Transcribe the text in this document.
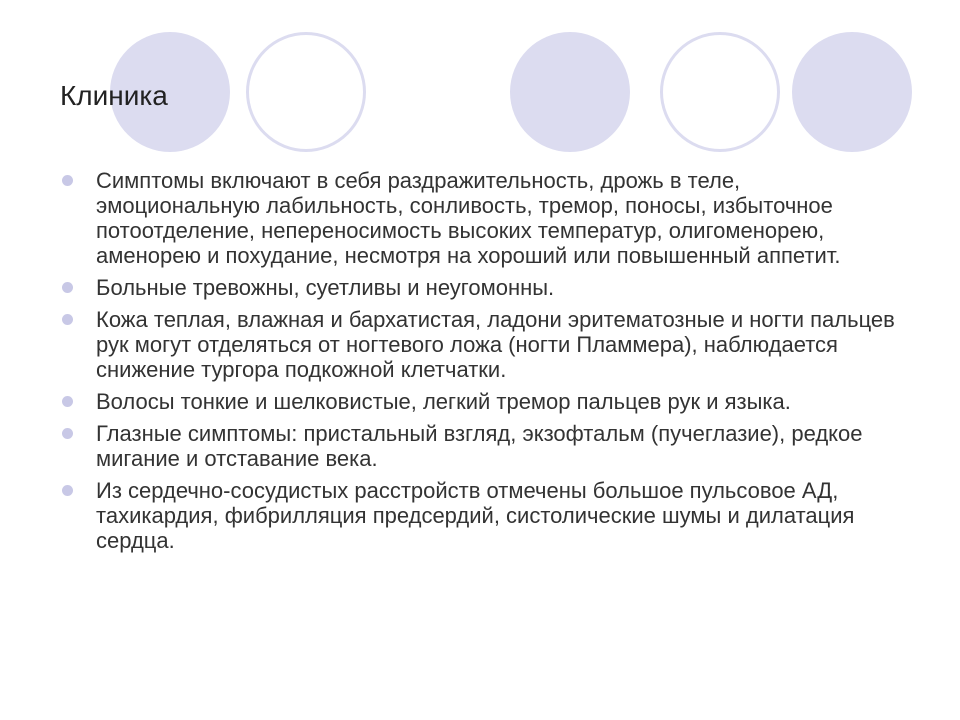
Клиника
Симптомы включают в себя раздражительность, дрожь в теле, эмоциональную лабильность, сонливость, тремор, поносы, избыточное потоотделение, непереносимость высоких температур, олигоменорею, аменорею и похудание, несмотря на хороший или повышенный аппетит.
Больные тревожны, суетливы и неугомонны.
Кожа теплая, влажная и бархатистая, ладони эритематозные и ногти пальцев рук могут отделяться от ногтевого ложа (ногти Пламмера), наблюдается снижение тургора подкожной клетчатки.
Волосы тонкие и шелковистые, легкий тремор пальцев рук и языка.
Глазные симптомы: пристальный взгляд, экзофтальм (пучеглазие), редкое мигание и отставание века.
Из сердечно-сосудистых расстройств отмечены большое пульсовое АД, тахикардия, фибрилляция предсердий, систолические шумы и дилатация сердца.
